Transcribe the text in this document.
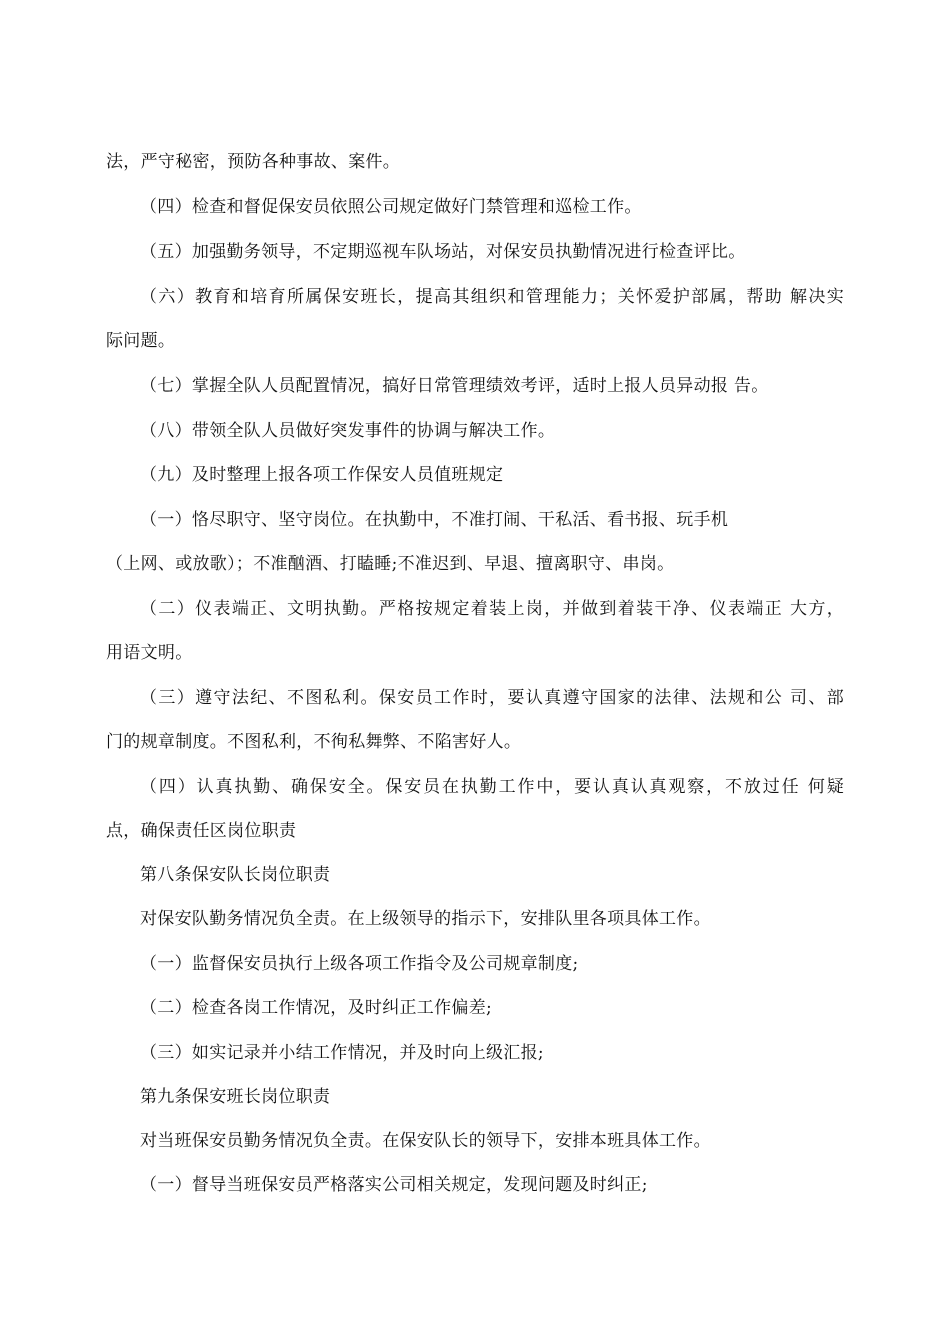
法，严守秘密，预防各种事故、案件。
（四）检查和督促保安员依照公司规定做好门禁管理和巡检工作。
（五）加强勤务领导，不定期巡视车队场站，对保安员执勤情况进行检查评比。
（六）教育和培育所属保安班长，提高其组织和管理能力；关怀爱护部属，帮助 解决实
际问题。
（七）掌握全队人员配置情况，搞好日常管理绩效考评，适时上报人员异动报 告。
（八）带领全队人员做好突发事件的协调与解决工作。
（九）及时整理上报各项工作保安人员值班规定
（一）恪尽职守、坚守岗位。在执勤中，不准打闹、干私活、看书报、玩手机
（上网、或放歌）；不准酗酒、打瞌睡;不准迟到、早退、擅离职守、串岗。
（二）仪表端正、文明执勤。严格按规定着装上岗，并做到着装干净、仪表端正 大方，
用语文明。
（三）遵守法纪、不图私利。保安员工作时，要认真遵守国家的法律、法规和公 司、部
门的规章制度。不图私利，不徇私舞弊、不陷害好人。
（四）认真执勤、确保安全。保安员在执勤工作中，要认真认真观察，不放过任 何疑
点，确保责任区岗位职责
第八条保安队长岗位职责
对保安队勤务情况负全责。在上级领导的指示下，安排队里各项具体工作。
（一）监督保安员执行上级各项工作指令及公司规章制度;
（二）检查各岗工作情况，及时纠正工作偏差;
（三）如实记录并小结工作情况，并及时向上级汇报;
第九条保安班长岗位职责
对当班保安员勤务情况负全责。在保安队长的领导下，安排本班具体工作。
（一）督导当班保安员严格落实公司相关规定，发现问题及时纠正;
